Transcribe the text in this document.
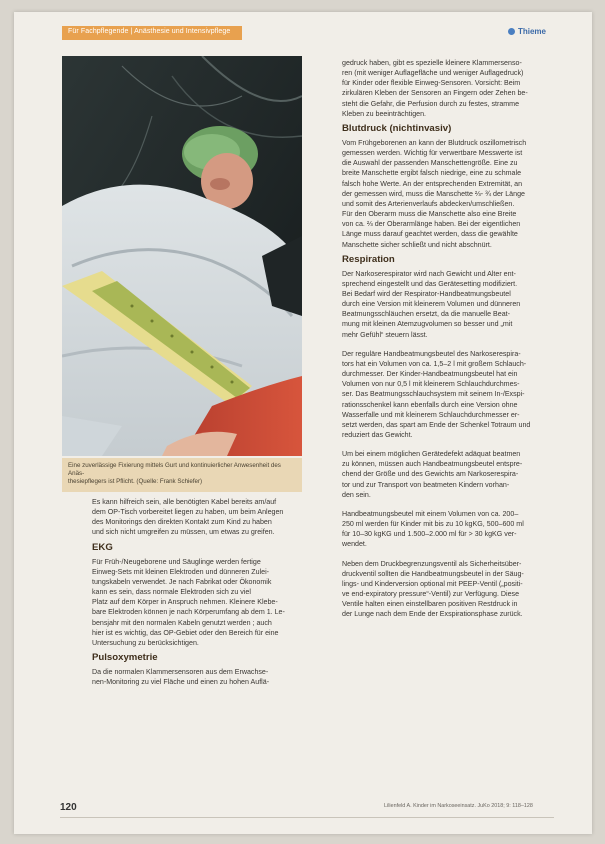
Für Fachpflegende | Anästhesie und Intensivpflege	Thieme
Eine zuverlässige Fixierung mittels Gurt und kontinuierlicher Anwesenheit des Anäs-
thesiepflegers ist Pflicht. (Quelle: Frank Schiefer)
Es kann hilfreich sein, alle benötigten Kabel bereits am/auf
dem OP-Tisch vorbereitet liegen zu haben, um beim Anlegen
des Monitorings den direkten Kontakt zum Kind zu haben
und sich nicht umgreifen zu müssen, um etwas zu greifen.
EKG
Für Früh-/Neugeborene und Säuglinge werden fertige
Einweg-Sets mit kleinen Elektroden und dünneren Zulei-
tungskabeln verwendet. Je nach Fabrikat oder Ökonomik
kann es sein, dass normale Elektroden sich zu viel
Platz auf dem Körper in Anspruch nehmen. Kleinere Klebe-
bare Elektroden können je nach Körperumfang ab dem 1. Le-
bensjahr mit den normalen Kabeln genutzt werden ; auch
hier ist es wichtig, das OP-Gebiet oder den Bereich für eine
Untersuchung zu berücksichtigen.
Pulsoxymetrie
Da die normalen Klammersensoren aus dem Erwachse-
nen-Monitoring zu viel Fläche und einen zu hohen Auflä-
gedruck haben, gibt es spezielle kleinere Klammersenso-
ren (mit weniger Auflagefläche und weniger Auflagedruck)
für Kinder oder flexible Einweg-Sensoren. Vorsicht: Beim
zirkulären Kleben der Sensoren an Fingern oder Zehen be-
steht die Gefahr, die Perfusion durch zu festes, stramme
Kleben zu beeinträchtigen.
Blutdruck (nichtinvasiv)
Vom Frühgeborenen an kann der Blutdruck oszillometrisch
gemessen werden. Wichtig für verwertbare Messwerte ist
die Auswahl der passenden Manschettengröße. Eine zu
breite Manschette ergibt falsch niedrige, eine zu schmale
falsch hohe Werte. An der entsprechenden Extremität, an
der gemessen wird, muss die Manschette ⅔- ¾ der Länge
und somit des Arterienverlaufs abdecken/umschließen.
Für den Oberarm muss die Manschette also eine Breite
von ca. ⅔ der Oberarmlänge haben. Bei der eigentlichen
Länge muss darauf geachtet werden, dass die gewählte
Manschette sicher schließt und nicht abschnürt.
Respiration
Der Narkoserespirator wird nach Gewicht und Alter ent-
sprechend eingestellt und das Gerätesetting modifiziert.
Bei Bedarf wird der Respirator-Handbeatmungsbeutel
durch eine Version mit kleinerem Volumen und dünneren
Beatmungsschläuchen ersetzt, da die manuelle Beat-
mung mit kleinen Atemzugvolumen so besser und „mit
mehr Gefühl“ steuern lässt.
Der reguläre Handbeatmungsbeutel des Narkoserespira-
tors hat ein Volumen von ca. 1,5–2 l mit großem Schlauch-
durchmesser. Der Kinder-Handbeatmungsbeutel hat ein
Volumen von nur 0,5 l mit kleinerem Schlauchdurchmes-
ser. Das Beatmungsschlauchsystem mit seinem In-/Exspi-
rationsschenkel kann ebenfalls durch eine Version ohne
Wasserfalle und mit kleinerem Schlauchdurchmesser er-
setzt werden, das spart am Ende der Schenkel Totraum und
reduziert das Gewicht.
Um bei einem möglichen Gerätedefekt adäquat beatmen
zu können, müssen auch Handbeatmungsbeutel entspre-
chend der Größe und des Gewichts am Narkoserespira-
tor und zur Transport von beatmeten Kindern vorhan-
den sein.
Handbeatmungsbeutel mit einem Volumen von ca. 200–
250 ml werden für Kinder mit bis zu 10 kgKG, 500–600 ml
für 10–30 kgKG und 1.500–2.000 ml für > 30 kgKG ver-
wendet.
Neben dem Druckbegrenzungsventil als Sicherheitsüber-
druckventil sollten die Handbeatmungsbeutel in der Säug-
lings- und Kinderversion optional mit PEEP-Ventil („positi-
ve end-expiratory pressure“-Ventil) zur Verfügung. Diese
Ventile halten einen einstellbaren positiven Restdruck in
der Lunge nach dem Ende der Exspirationsphase zurück.
120	Lilienfeld A. Kinder im Narkoseeinsatz. JuKo 2018; 9: 118–128
